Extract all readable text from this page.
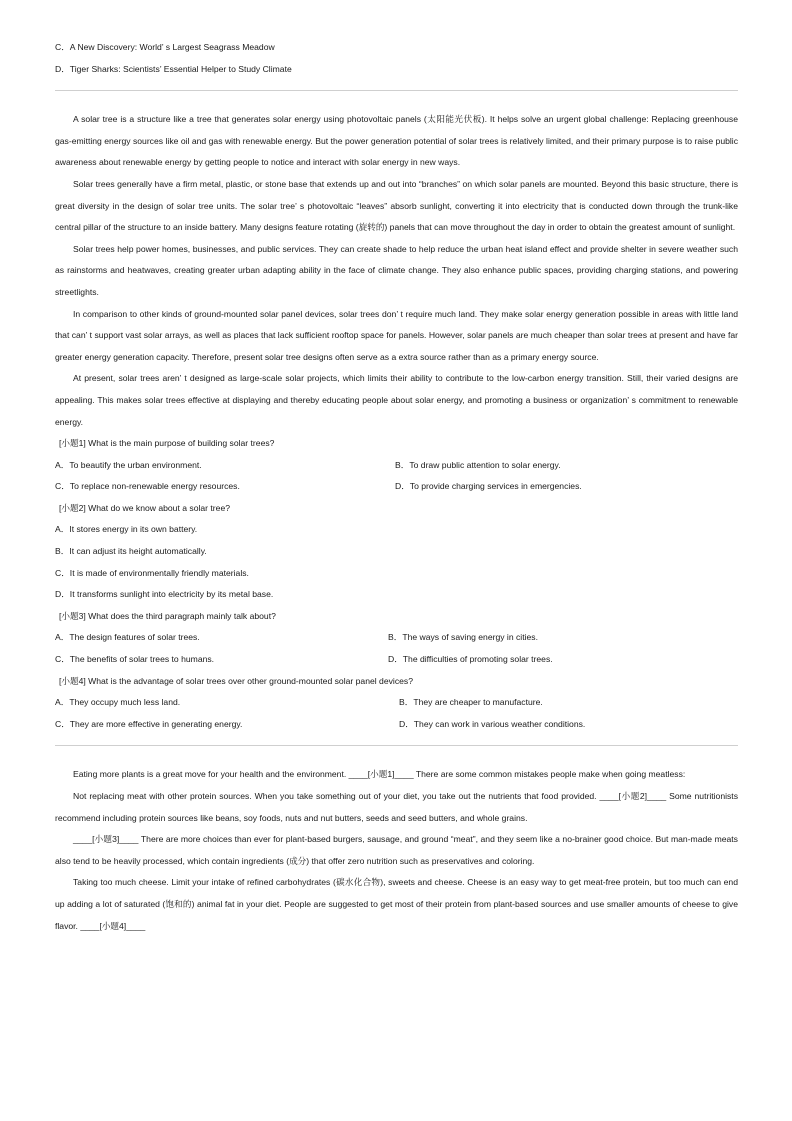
C．A New Discovery: World’ s Largest Seagrass Meadow

D．Tiger Sharks: Scientists’ Essential Helper to Study Climate

A solar tree is a structure like a tree that generates solar energy using photovoltaic panels (太阳能光伏板). It helps solve an urgent global challenge: Replacing greenhouse gas-emitting energy sources like oil and gas with renewable energy. But the power generation potential of solar trees is relatively limited, and their primary purpose is to raise public awareness about renewable energy by getting people to notice and interact with solar energy in new ways.

Solar trees generally have a firm metal, plastic, or stone base that extends up and out into “branches” on which solar panels are mounted. Beyond this basic structure, there is great diversity in the design of solar tree units. The solar tree’ s photovoltaic “leaves” absorb sunlight, converting it into electricity that is conducted down through the trunk-like central pillar of the structure to an inside battery. Many designs feature rotating (旋转的) panels that can move throughout the day in order to obtain the greatest amount of sunlight.

Solar trees help power homes, businesses, and public services. They can create shade to help reduce the urban heat island effect and provide shelter in severe weather such as rainstorms and heatwaves, creating greater urban adapting ability in the face of climate change. They also enhance public spaces, providing charging stations, and powering streetlights.

In comparison to other kinds of ground-mounted solar panel devices, solar trees don’ t require much land. They make solar energy generation possible in areas with little land that can’ t support vast solar arrays, as well as places that lack sufficient rooftop space for panels. However, solar panels are much cheaper than solar trees at present and have far greater energy generation capacity. Therefore, present solar tree designs often serve as a extra source rather than as a primary energy source.

At present, solar trees aren’ t designed as large-scale solar projects, which limits their ability to contribute to the low-carbon energy transition. Still, their varied designs are appealing. This makes solar trees effective at displaying and thereby educating people about solar energy, and promoting a business or organization’ s commitment to renewable energy.

[小题1] What is the main purpose of building solar trees?

A．To beautify the urban environment.	B．To draw public attention to solar energy.
C．To replace non-renewable energy resources.	D．To provide charging services in emergencies.

[小题2] What do we know about a solar tree?

A．It stores energy in its own battery.

B．It can adjust its height automatically.

C．It is made of environmentally friendly materials.

D．It transforms sunlight into electricity by its metal base.

[小题3] What does the third paragraph mainly talk about?

A．The design features of solar trees.	B．The ways of saving energy in cities.
C．The benefits of solar trees to humans.	D．The difficulties of promoting solar trees.

[小题4] What is the advantage of solar trees over other ground-mounted solar panel devices?

A．They occupy much less land.	B．They are cheaper to manufacture.
C．They are more effective in generating energy.	D．They can work in various weather conditions.

Eating more plants is a great move for your health and the environment. ____[小题1]____ There are some common mistakes people make when going meatless:

Not replacing meat with other protein sources. When you take something out of your diet, you take out the nutrients that food provided. ____[小题2]____ Some nutritionists recommend including protein sources like beans, soy foods, nuts and nut butters, seeds and seed butters, and whole grains.

____[小题3]____ There are more choices than ever for plant-based burgers, sausage, and ground “meat”, and they seem like a no-brainer good choice. But man-made meats also tend to be heavily processed, which contain ingredients (成分) that offer zero nutrition such as preservatives and coloring.

Taking too much cheese. Limit your intake of refined carbohydrates (碳水化合物), sweets and cheese. Cheese is an easy way to get meat-free protein, but too much can end up adding a lot of saturated (饱和的) animal fat in your diet. People are suggested to get most of their protein from plant-based sources and use smaller amounts of cheese to give flavor. ____[小题4]____
